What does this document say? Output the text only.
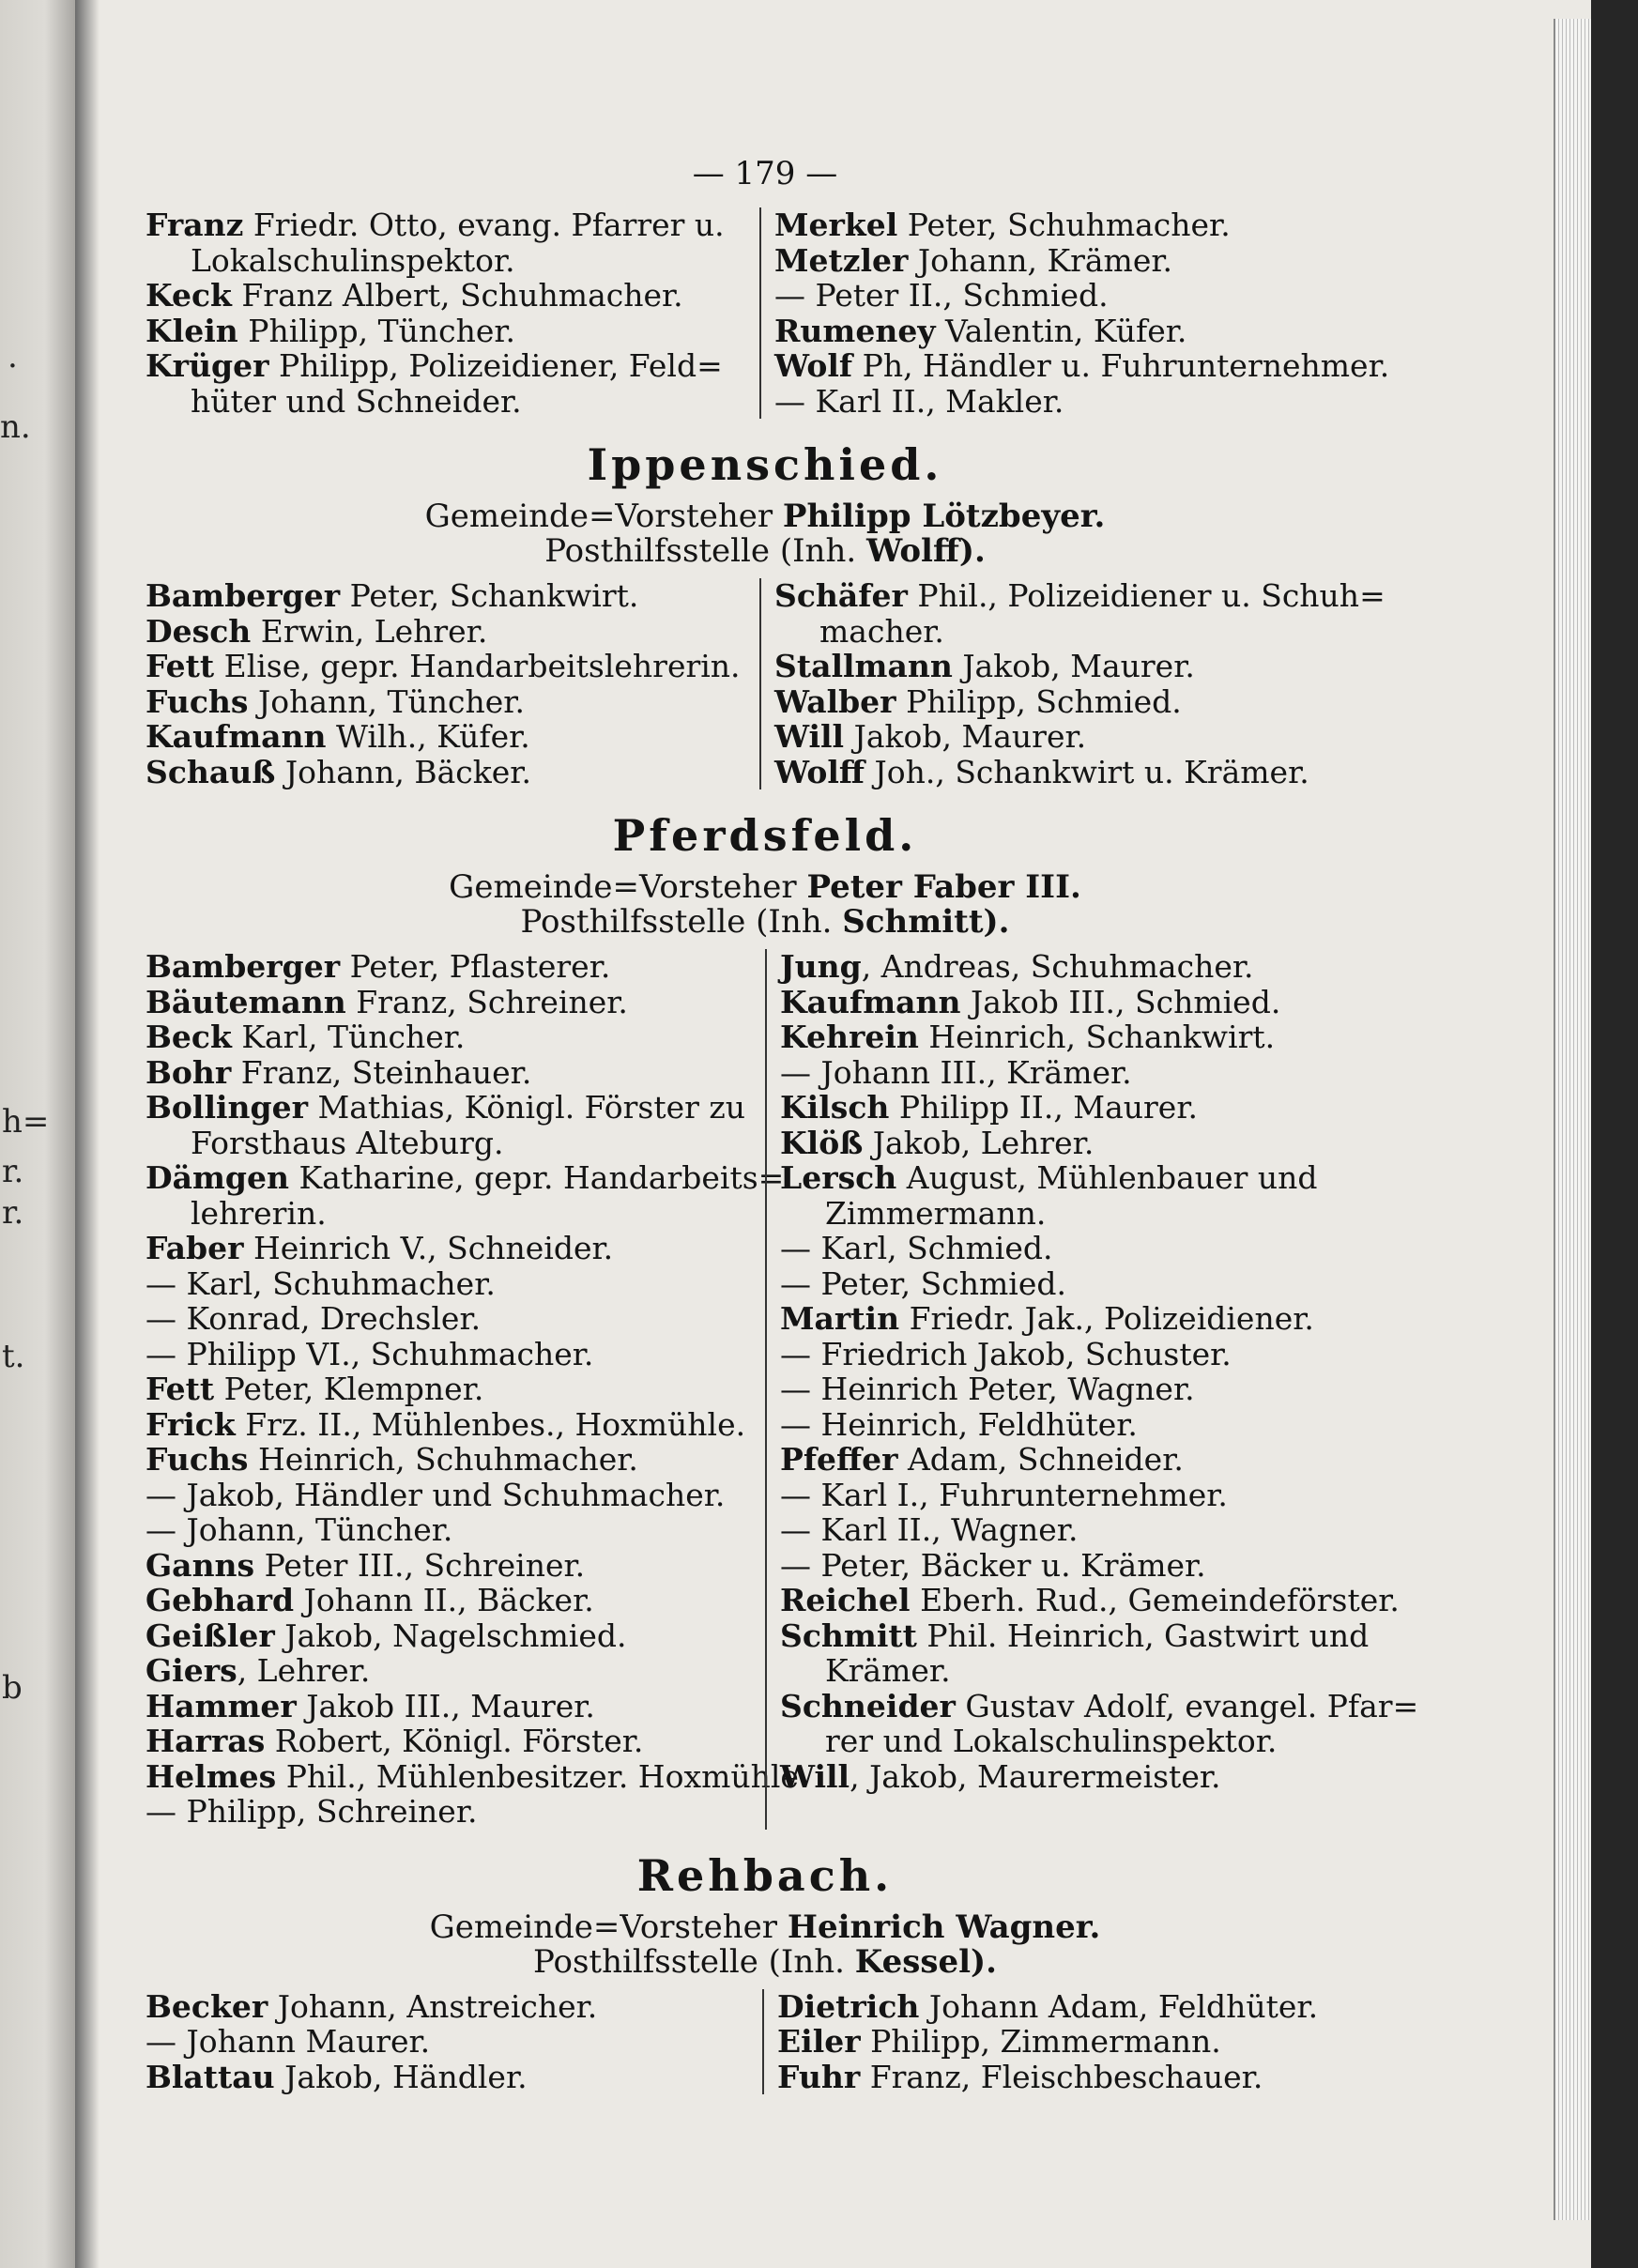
.
n.
h=
r.
r.
t.
b
— 179 —
Franz Friedr. Otto, evang. Pfarrer u.
Lokalschulinspektor.
Keck Franz Albert, Schuhmacher.
Klein Philipp, Tüncher.
Krüger Philipp, Polizeidiener, Feld=
hüter und Schneider.
Merkel Peter, Schuhmacher.
Metzler Johann, Krämer.
— Peter II., Schmied.
Rumeney Valentin, Küfer.
Wolf Ph, Händler u. Fuhrunternehmer.
— Karl II., Makler.
Ippenschied.
Gemeinde=Vorsteher Philipp Lötzbeyer.
Posthilfsstelle (Inh. Wolff).
Bamberger Peter, Schankwirt.
Desch Erwin, Lehrer.
Fett Elise, gepr. Handarbeitslehrerin.
Fuchs Johann, Tüncher.
Kaufmann Wilh., Küfer.
Schauß Johann, Bäcker.
Schäfer Phil., Polizeidiener u. Schuh=
macher.
Stallmann Jakob, Maurer.
Walber Philipp, Schmied.
Will Jakob, Maurer.
Wolff Joh., Schankwirt u. Krämer.
Pferdsfeld.
Gemeinde=Vorsteher Peter Faber III.
Posthilfsstelle (Inh. Schmitt).
Bamberger Peter, Pflasterer.
Bäutemann Franz, Schreiner.
Beck Karl, Tüncher.
Bohr Franz, Steinhauer.
Bollinger Mathias, Königl. Förster zu
Forsthaus Alteburg.
Dämgen Katharine, gepr. Handarbeits=
lehrerin.
Faber Heinrich V., Schneider.
— Karl, Schuhmacher.
— Konrad, Drechsler.
— Philipp VI., Schuhmacher.
Fett Peter, Klempner.
Frick Frz. II., Mühlenbes., Hoxmühle.
Fuchs Heinrich, Schuhmacher.
— Jakob, Händler und Schuhmacher.
— Johann, Tüncher.
Ganns Peter III., Schreiner.
Gebhard Johann II., Bäcker.
Geißler Jakob, Nagelschmied.
Giers, Lehrer.
Hammer Jakob III., Maurer.
Harras Robert, Königl. Förster.
Helmes Phil., Mühlenbesitzer. Hoxmühle
— Philipp, Schreiner.
Jung, Andreas, Schuhmacher.
Kaufmann Jakob III., Schmied.
Kehrein Heinrich, Schankwirt.
— Johann III., Krämer.
Kilsch Philipp II., Maurer.
Klöß Jakob, Lehrer.
Lersch August, Mühlenbauer und
Zimmermann.
— Karl, Schmied.
— Peter, Schmied.
Martin Friedr. Jak., Polizeidiener.
— Friedrich Jakob, Schuster.
— Heinrich Peter, Wagner.
— Heinrich, Feldhüter.
Pfeffer Adam, Schneider.
— Karl I., Fuhrunternehmer.
— Karl II., Wagner.
— Peter, Bäcker u. Krämer.
Reichel Eberh. Rud., Gemeindeförster.
Schmitt Phil. Heinrich, Gastwirt und
Krämer.
Schneider Gustav Adolf, evangel. Pfar=
rer und Lokalschulinspektor.
Will, Jakob, Maurermeister.
Rehbach.
Gemeinde=Vorsteher Heinrich Wagner.
Posthilfsstelle (Inh. Kessel).
Becker Johann, Anstreicher.
— Johann Maurer.
Blattau Jakob, Händler.
Dietrich Johann Adam, Feldhüter.
Eiler Philipp, Zimmermann.
Fuhr Franz, Fleischbeschauer.
